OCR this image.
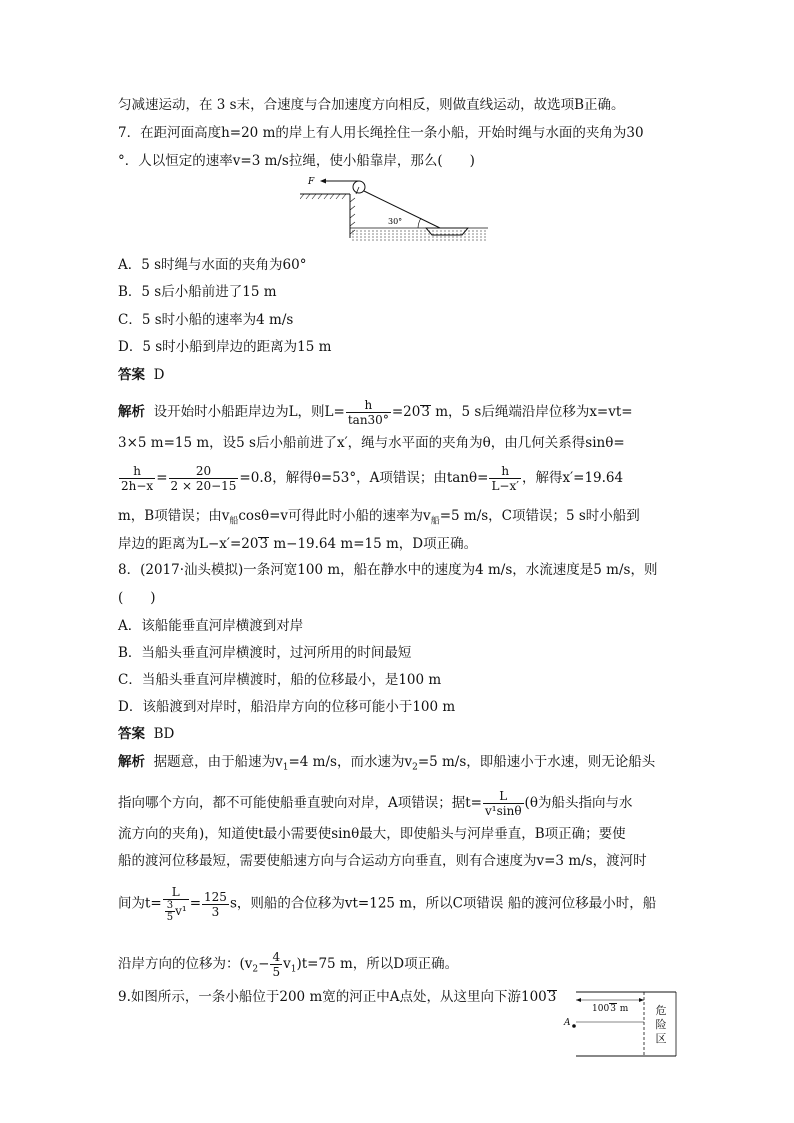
匀减速运动，在 3 s末，合速度与合加速度方向相反，则做直线运动，故选项B正确。
7．在距河面高度h=20 m的岸上有人用长绳拴住一条小船，开始时绳与水面的夹角为30
°．人以恒定的速率v=3 m/s拉绳，使小船靠岸，那么(　　)
F
30°
A．5 s时绳与水面的夹角为60°
B．5 s后小船前进了15 m
C．5 s时小船的速率为4 m/s
D．5 s时小船到岸边的距离为15 m
答案 D
解析 设开始时小船距岸边为L，则$L= \frac{h}{\tan 30^\circ} =203$ m，5 s后绳端沿岸位移为x=vt=
3×5 m=15 m，设5 s后小船前进了x′，绳与水平面的夹角为θ，由几何关系得sinθ=
$\frac{h}{2h-x} = \frac{20}{2 \times 20-15} =0.8$，解得θ=53°，A项错误；由$\tan\theta= \frac{h}{L-x'}$ ，解得x′=19.64
m，B项错误；由$v_船\cos\theta=v$可得此时小船的速率为$v_船=5$ m/s，C项错误；5 s时小船到
岸边的距离为L−x′=203 m−19.64 m=15 m，D项正确。
8．(2017·汕头模拟)一条河宽100 m，船在静水中的速度为4 m/s，水流速度是5 m/s，则
(　　)
A．该船能垂直河岸横渡到对岸
B．当船头垂直河岸横渡时，过河所用的时间最短
C．当船头垂直河岸横渡时，船的位移最小，是100 m
D．该船渡到对岸时，船沿岸方向的位移可能小于100 m
答案 BD
解析 据题意，由于船速为$v_1=4$ m/s，而水速为$v_2=5$ m/s，即船速小于水速，则无论船头
指向哪个方向，都不可能使船垂直驶向对岸，A项错误；据$t= \frac{L}{\text{v¹sinθ}} (\theta$为船头指向与水
流方向的夹角)，知道使t最小需要使sinθ最大，即使船头与河岸垂直，B项正确；要使
船的渡河位移最短，需要使船速方向与合运动方向垂直，则有合速度为v=3 m/s，渡河时
间为$t= \frac{L}{\frac{3}{5} v^1} = \frac{125}{3}$ s，则船的合位移为vt=125 m，所以C项错误 船的渡河位移最小时，船
沿岸方向的位移为：$(v_2- \frac{4}{5} v_1)t=75$ m，所以D项正确。
9.如图所示，一条小船位于200 m宽的河正中A点处，从这里向下游1003
1003 m
A
危
险
区
